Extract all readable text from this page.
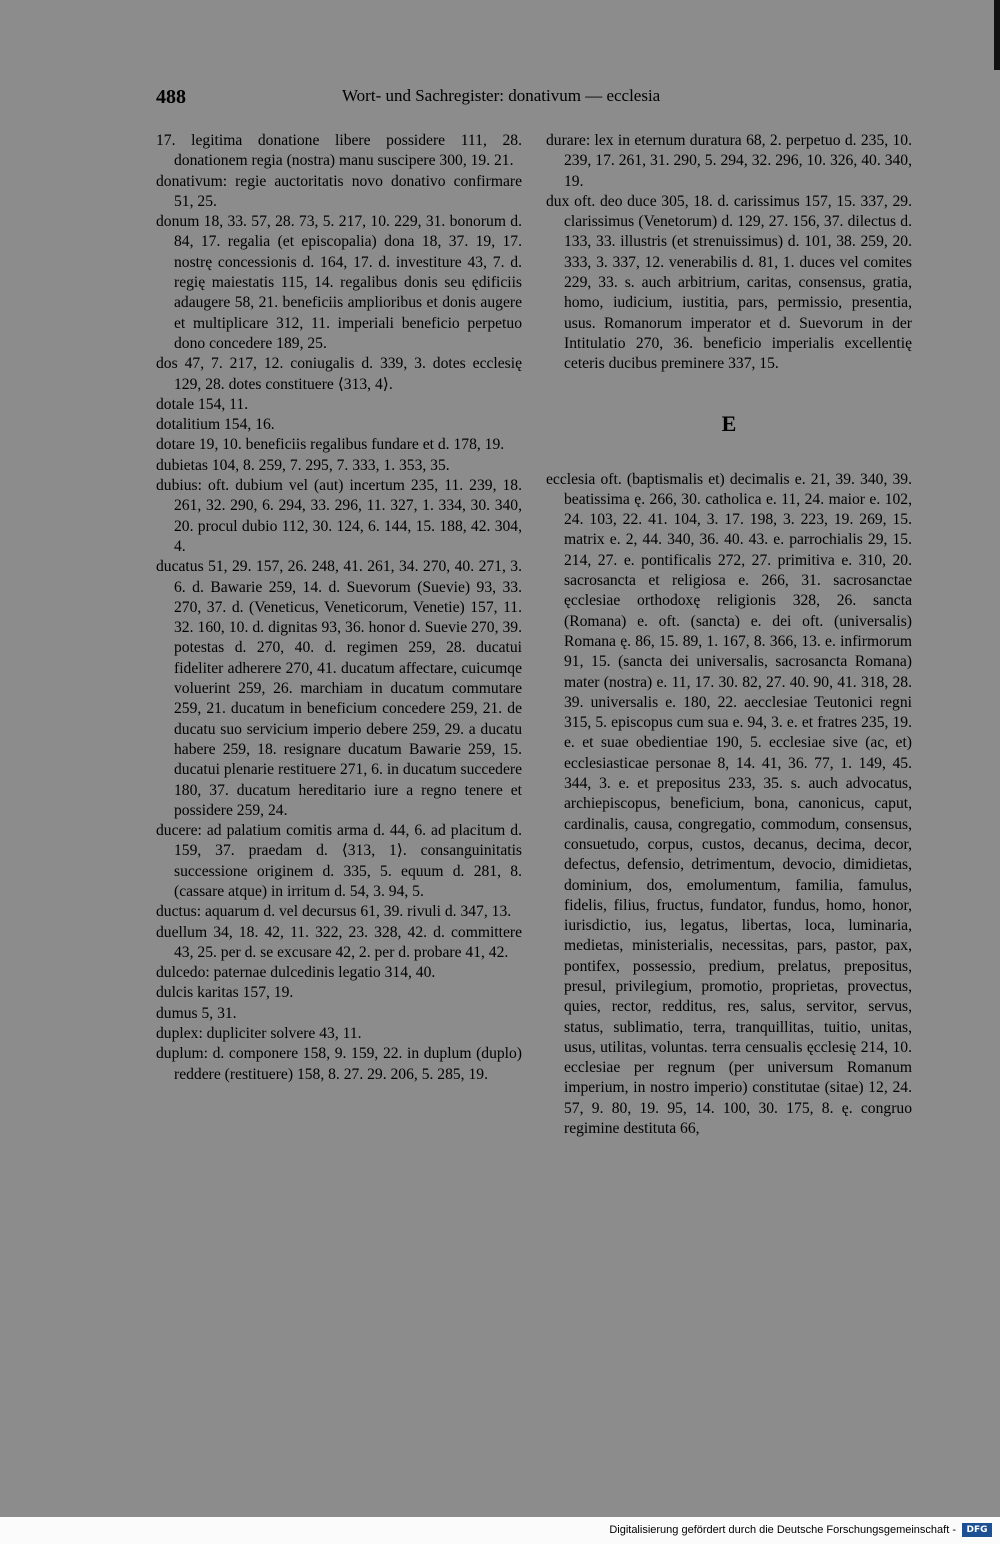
488	Wort- und Sachregister: donativum — ecclesia
17. legitima donatione libere possidere 111, 28. donationem regia (nostra) manu suscipere 300, 19. 21.
donativum: regie auctoritatis novo donativo confirmare 51, 25.
donum 18, 33. 57, 28. 73, 5. 217, 10. 229, 31. bonorum d. 84, 17. regalia (et episcopalia) dona 18, 37. 19, 17. nostrę concessionis d. 164, 17. d. investiture 43, 7. d. regię maiestatis 115, 14. regalibus donis seu ędificiis adaugere 58, 21. beneficiis amplioribus et donis augere et multiplicare 312, 11. imperiali beneficio perpetuo dono concedere 189, 25.
dos 47, 7. 217, 12. coniugalis d. 339, 3. dotes ecclesię 129, 28. dotes constituere ⟨313, 4⟩.
dotale 154, 11.
dotalitium 154, 16.
dotare 19, 10. beneficiis regalibus fundare et d. 178, 19.
dubietas 104, 8. 259, 7. 295, 7. 333, 1. 353, 35.
dubius: oft. dubium vel (aut) incertum 235, 11. 239, 18. 261, 32. 290, 6. 294, 33. 296, 11. 327, 1. 334, 30. 340, 20. procul dubio 112, 30. 124, 6. 144, 15. 188, 42. 304, 4.
ducatus 51, 29. 157, 26. 248, 41. 261, 34. 270, 40. 271, 3. 6. d. Bawarie 259, 14. d. Suevorum (Suevie) 93, 33. 270, 37. d. (Veneticus, Veneticorum, Venetie) 157, 11. 32. 160, 10. d. dignitas 93, 36. honor d. Suevie 270, 39. potestas d. 270, 40. d. regimen 259, 28. ducatui fideliter adherere 270, 41. ducatum affectare, cuicumqe voluerint 259, 26. marchiam in ducatum commutare 259, 21. ducatum in beneficium concedere 259, 21. de ducatu suo servicium imperio debere 259, 29. a ducatu habere 259, 18. resignare ducatum Bawarie 259, 15. ducatui plenarie restituere 271, 6. in ducatum succedere 180, 37. ducatum hereditario iure a regno tenere et possidere 259, 24.
ducere: ad palatium comitis arma d. 44, 6. ad placitum d. 159, 37. praedam d. ⟨313, 1⟩. consanguinitatis successione originem d. 335, 5. equum d. 281, 8. (cassare atque) in irritum d. 54, 3. 94, 5.
ductus: aquarum d. vel decursus 61, 39. rivuli d. 347, 13.
duellum 34, 18. 42, 11. 322, 23. 328, 42. d. committere 43, 25. per d. se excusare 42, 2. per d. probare 41, 42.
dulcedo: paternae dulcedinis legatio 314, 40.
dulcis karitas 157, 19.
dumus 5, 31.
duplex: dupliciter solvere 43, 11.
duplum: d. componere 158, 9. 159, 22. in duplum (duplo) reddere (restituere) 158, 8. 27. 29. 206, 5. 285, 19.
durare: lex in eternum duratura 68, 2. perpetuo d. 235, 10. 239, 17. 261, 31. 290, 5. 294, 32. 296, 10. 326, 40. 340, 19.
dux oft. deo duce 305, 18. d. carissimus 157, 15. 337, 29. clarissimus (Venetorum) d. 129, 27. 156, 37. dilectus d. 133, 33. illustris (et strenuissimus) d. 101, 38. 259, 20. 333, 3. 337, 12. venerabilis d. 81, 1. duces vel comites 229, 33. s. auch arbitrium, caritas, consensus, gratia, homo, iudicium, iustitia, pars, permissio, presentia, usus. Romanorum imperator et d. Suevorum in der Intitulatio 270, 36. beneficio imperialis excellentię ceteris ducibus preminere 337, 15.
E
ecclesia oft. (baptismalis et) decimalis e. 21, 39. 340, 39. beatissima ę. 266, 30. catholica e. 11, 24. maior e. 102, 24. 103, 22. 41. 104, 3. 17. 198, 3. 223, 19. 269, 15. matrix e. 2, 44. 340, 36. 40. 43. e. parrochialis 29, 15. 214, 27. e. pontificalis 272, 27. primitiva e. 310, 20. sacrosancta et religiosa e. 266, 31. sacrosanctae ęcclesiae orthodoxę religionis 328, 26. sancta (Romana) e. oft. (sancta) e. dei oft. (universalis) Romana ę. 86, 15. 89, 1. 167, 8. 366, 13. e. infirmorum 91, 15. (sancta dei universalis, sacrosancta Romana) mater (nostra) e. 11, 17. 30. 82, 27. 40. 90, 41. 318, 28. 39. universalis e. 180, 22. aecclesiae Teutonici regni 315, 5. episcopus cum sua e. 94, 3. e. et fratres 235, 19. e. et suae obedientiae 190, 5. ecclesiae sive (ac, et) ecclesiasticae personae 8, 14. 41, 36. 77, 1. 149, 45. 344, 3. e. et prepositus 233, 35. s. auch advocatus, archiepiscopus, beneficium, bona, canonicus, caput, cardinalis, causa, congregatio, commodum, consensus, consuetudo, corpus, custos, decanus, decima, decor, defectus, defensio, detrimentum, devocio, dimidietas, dominium, dos, emolumentum, familia, famulus, fidelis, filius, fructus, fundator, fundus, homo, honor, iurisdictio, ius, legatus, libertas, loca, luminaria, medietas, ministerialis, necessitas, pars, pastor, pax, pontifex, possessio, predium, prelatus, prepositus, presul, privilegium, promotio, proprietas, provectus, quies, rector, redditus, res, salus, servitor, servus, status, sublimatio, terra, tranquillitas, tuitio, unitas, usus, utilitas, voluntas. terra censualis ęcclesię 214, 10. ecclesiae per regnum (per universum Romanum imperium, in nostro imperio) constitutae (sitae) 12, 24. 57, 9. 80, 19. 95, 14. 100, 30. 175, 8. ę. congruo regimine destituta 66,
Digitalisierung gefördert durch die Deutsche Forschungsgemeinschaft -	DFG
